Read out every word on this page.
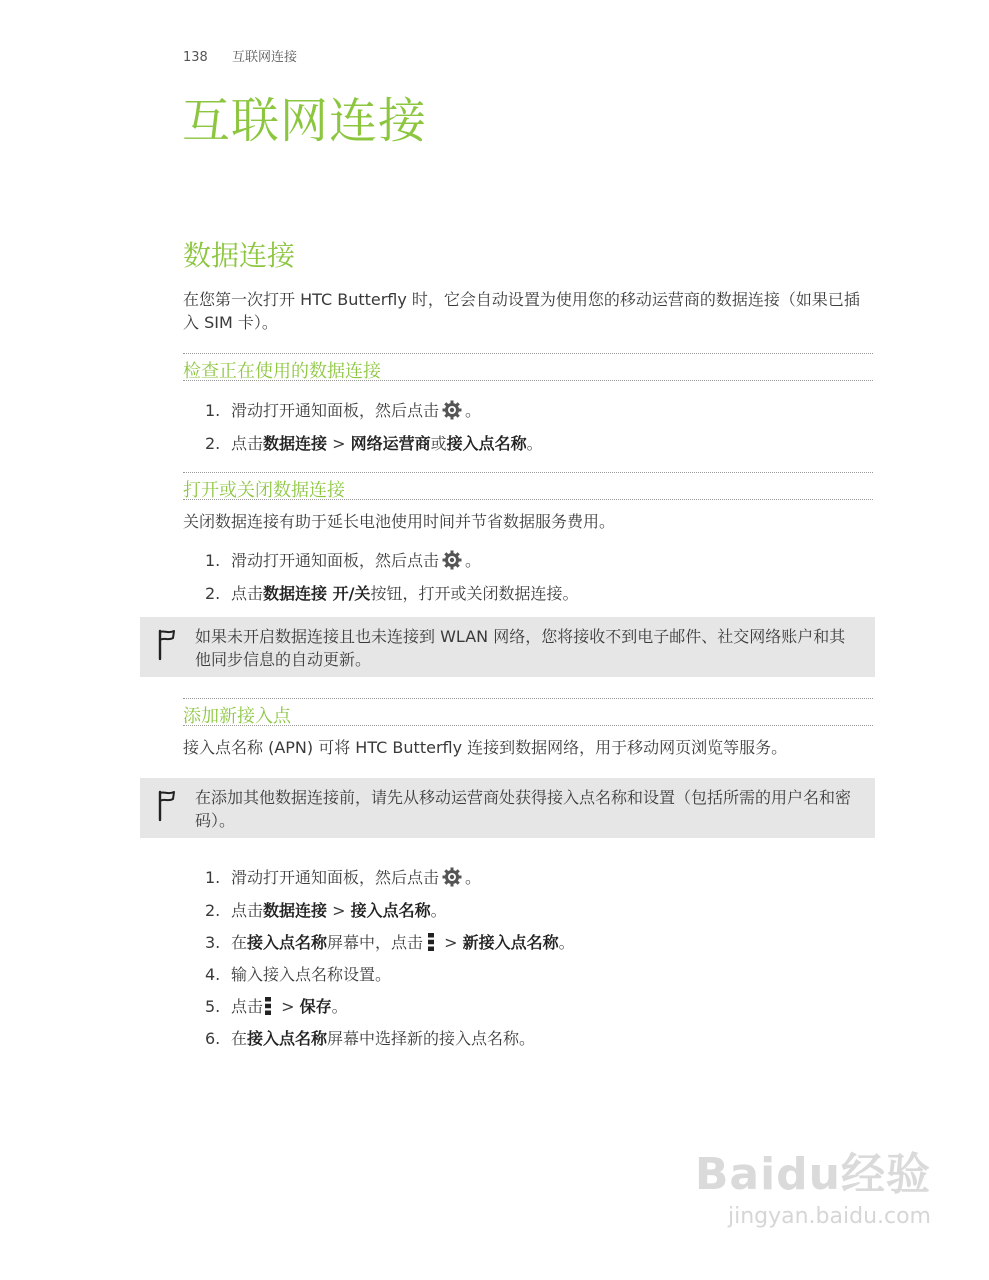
138 互联网连接
互联网连接
数据连接
在您第一次打开 HTC Butterfly 时，它会自动设置为使用您的移动运营商的数据连接（如果已插
入 SIM 卡）。
检查正在使用的数据连接
1. 滑动打开通知面板，然后点击 。
2. 点击数据连接 > 网络运营商或接入点名称。
打开或关闭数据连接
关闭数据连接有助于延长电池使用时间并节省数据服务费用。
1. 滑动打开通知面板，然后点击 。
2. 点击数据连接 开/关按钮，打开或关闭数据连接。
如果未开启数据连接且也未连接到 WLAN 网络，您将接收不到电子邮件、社交网络账户和其
他同步信息的自动更新。
添加新接入点
接入点名称 (APN) 可将 HTC Butterfly 连接到数据网络，用于移动网页浏览等服务。
在添加其他数据连接前，请先从移动运营商处获得接入点名称和设置（包括所需的用户名和密
码）。
1. 滑动打开通知面板，然后点击 。
2. 点击数据连接 > 接入点名称。
3. 在接入点名称屏幕中，点击 > 新接入点名称。
4. 输入接入点名称设置。
5. 点击 > 保存。
6. 在接入点名称屏幕中选择新的接入点名称。
Baidu经验
jingyan.baidu.com
